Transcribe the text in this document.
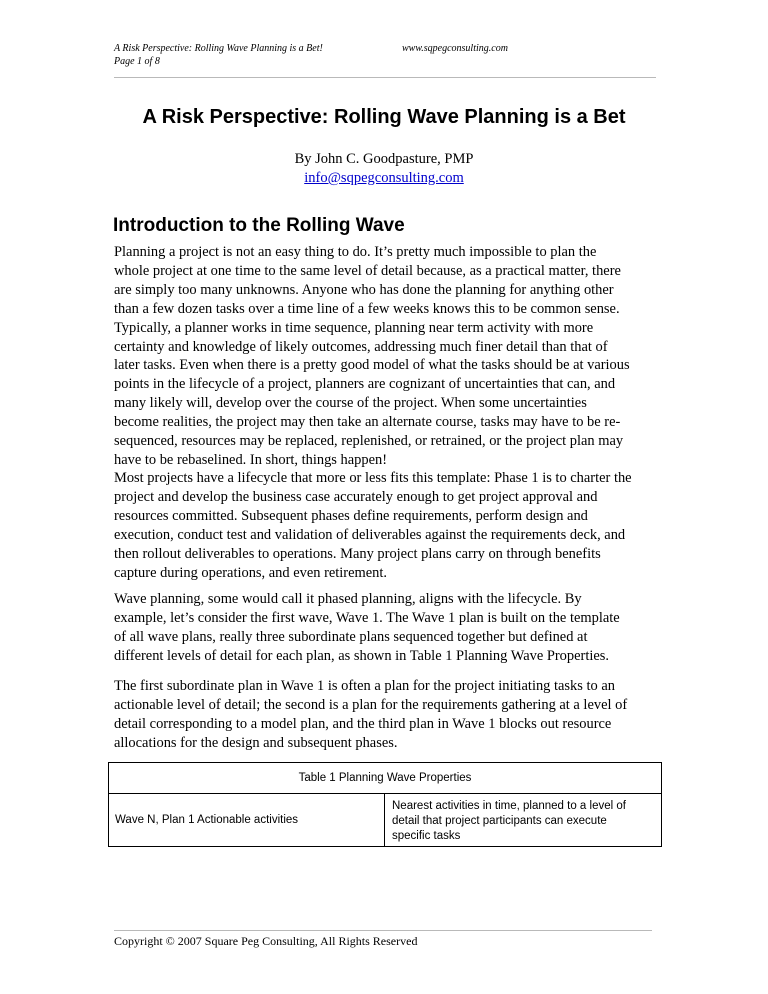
A Risk Perspective: Rolling Wave Planning is a Bet!	www.sqpegconsulting.com
Page 1 of 8
A Risk Perspective: Rolling Wave Planning is a Bet
By John C. Goodpasture, PMP
info@sqpegconsulting.com
Introduction to the Rolling Wave

Planning a project is not an easy thing to do. It’s pretty much impossible to plan the
whole project at one time to the same level of detail because, as a practical matter, there
are simply too many unknowns. Anyone who has done the planning for anything other
than a few dozen tasks over a time line of a few weeks knows this to be common sense.
Typically, a planner works in time sequence, planning near term activity with more
certainty and knowledge of likely outcomes, addressing much finer detail than that of
later tasks. Even when there is a pretty good model of what the tasks should be at various
points in the lifecycle of a project, planners are cognizant of uncertainties that can, and
many likely will, develop over the course of the project. When some uncertainties
become realities, the project may then take an alternate course, tasks may have to be re-
sequenced, resources may be replaced, replenished, or retrained, or the project plan may
have to be rebaselined. In short, things happen!

Most projects have a lifecycle that more or less fits this template: Phase 1 is to charter the
project and develop the business case accurately enough to get project approval and
resources committed. Subsequent phases define requirements, perform design and
execution, conduct test and validation of deliverables against the requirements deck, and
then rollout deliverables to operations. Many project plans carry on through benefits
capture during operations, and even retirement.

Wave planning, some would call it phased planning, aligns with the lifecycle. By
example, let’s consider the first wave, Wave 1. The Wave 1 plan is built on the template
of all wave plans, really three subordinate plans sequenced together but defined at
different levels of detail for each plan, as shown in Table 1 Planning Wave Properties.

The first subordinate plan in Wave 1 is often a plan for the project initiating tasks to an
actionable level of detail; the second is a plan for the requirements gathering at a level of
detail corresponding to a model plan, and the third plan in Wave 1 blocks out resource
allocations for the design and subsequent phases.

Table 1 Planning Wave Properties
Wave N, Plan 1 Actionable activities
Nearest activities in time, planned to a level of
detail that project participants can execute
specific tasks
Copyright © 2007 Square Peg Consulting, All Rights Reserved
